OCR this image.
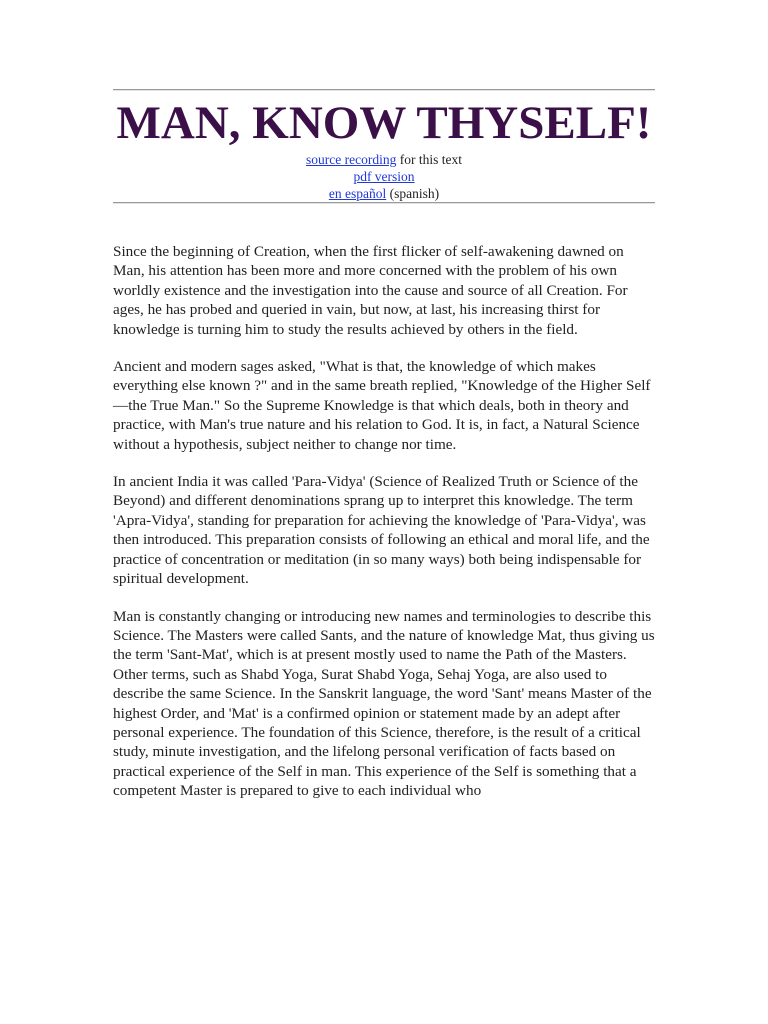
MAN, KNOW THYSELF!
source recording for this text
pdf version
en español (spanish)

Since the beginning of Creation, when the first flicker of self-awakening dawned on Man, his attention has been more and more concerned with the problem of his own worldly existence and the investigation into the cause and source of all Creation. For ages, he has probed and queried in vain, but now, at last, his increasing thirst for knowledge is turning him to study the results achieved by others in the field.

Ancient and modern sages asked, "What is that, the knowledge of which makes everything else known ?" and in the same breath replied, "Knowledge of the Higher Self—the True Man." So the Supreme Knowledge is that which deals, both in theory and practice, with Man's true nature and his relation to God. It is, in fact, a Natural Science without a hypothesis, subject neither to change nor time.

In ancient India it was called 'Para-Vidya' (Science of Realized Truth or Science of the Beyond) and different denominations sprang up to interpret this knowledge. The term 'Apra-Vidya', standing for preparation for achieving the knowledge of 'Para-Vidya', was then introduced. This preparation consists of following an ethical and moral life, and the practice of concentration or meditation (in so many ways) both being indispensable for spiritual development.

Man is constantly changing or introducing new names and terminologies to describe this Science. The Masters were called Sants, and the nature of knowledge Mat, thus giving us the term 'Sant-Mat', which is at present mostly used to name the Path of the Masters. Other terms, such as Shabd Yoga, Surat Shabd Yoga, Sehaj Yoga, are also used to describe the same Science. In the Sanskrit language, the word 'Sant' means Master of the highest Order, and 'Mat' is a confirmed opinion or statement made by an adept after personal experience. The foundation of this Science, therefore, is the result of a critical study, minute investigation, and the lifelong personal verification of facts based on practical experience of the Self in man. This experience of the Self is something that a competent Master is prepared to give to each individual who
